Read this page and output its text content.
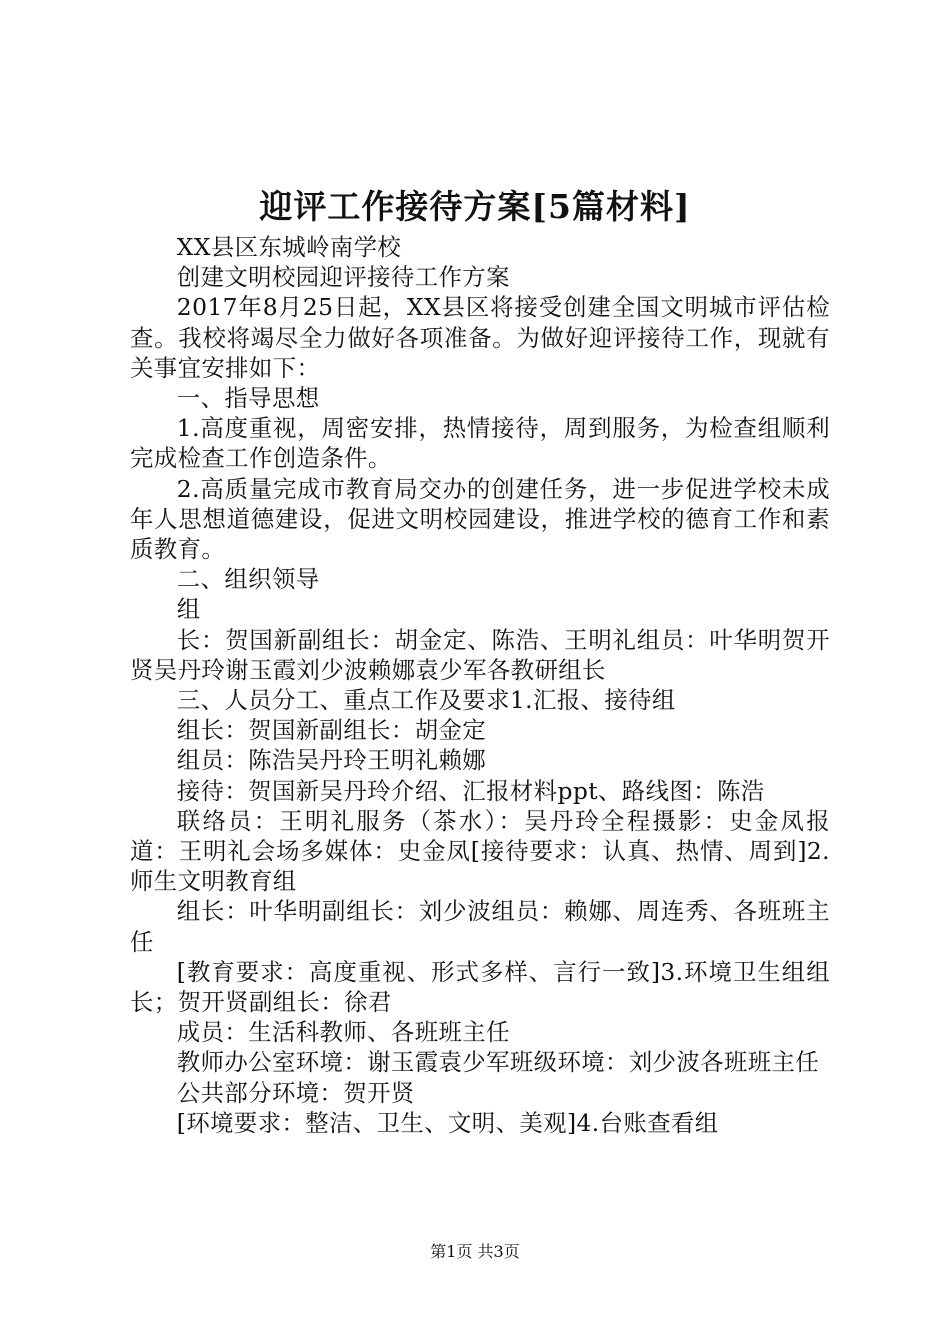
迎评工作接待方案[5篇材料]

XX县区东城岭南学校

创建文明校园迎评接待工作方案

2017年8月25日起，XX县区将接受创建全国文明城市评估检查。我校将竭尽全力做好各项准备。为做好迎评接待工作，现就有关事宜安排如下：

一、指导思想

1.高度重视，周密安排，热情接待，周到服务，为检查组顺利完成检查工作创造条件。

2.高质量完成市教育局交办的创建任务，进一步促进学校未成年人思想道德建设，促进文明校园建设，推进学校的德育工作和素质教育。

二、组织领导

组

长：贺国新副组长：胡金定、陈浩、王明礼组员：叶华明贺开贤吴丹玲谢玉霞刘少波赖娜袁少军各教研组长

三、人员分工、重点工作及要求1.汇报、接待组

组长：贺国新副组长：胡金定

组员：陈浩吴丹玲王明礼赖娜

接待：贺国新吴丹玲介绍、汇报材料ppt、路线图：陈浩

联络员：王明礼服务（茶水）：吴丹玲全程摄影：史金凤报道：王明礼会场多媒体：史金凤[接待要求：认真、热情、周到]2.师生文明教育组

组长：叶华明副组长：刘少波组员：赖娜、周连秀、各班班主任

[教育要求：高度重视、形式多样、言行一致]3.环境卫生组组长；贺开贤副组长：徐君

成员：生活科教师、各班班主任

教师办公室环境：谢玉霞袁少军班级环境：刘少波各班班主任

公共部分环境：贺开贤

[环境要求：整洁、卫生、文明、美观]4.台账查看组

第1页 共3页
